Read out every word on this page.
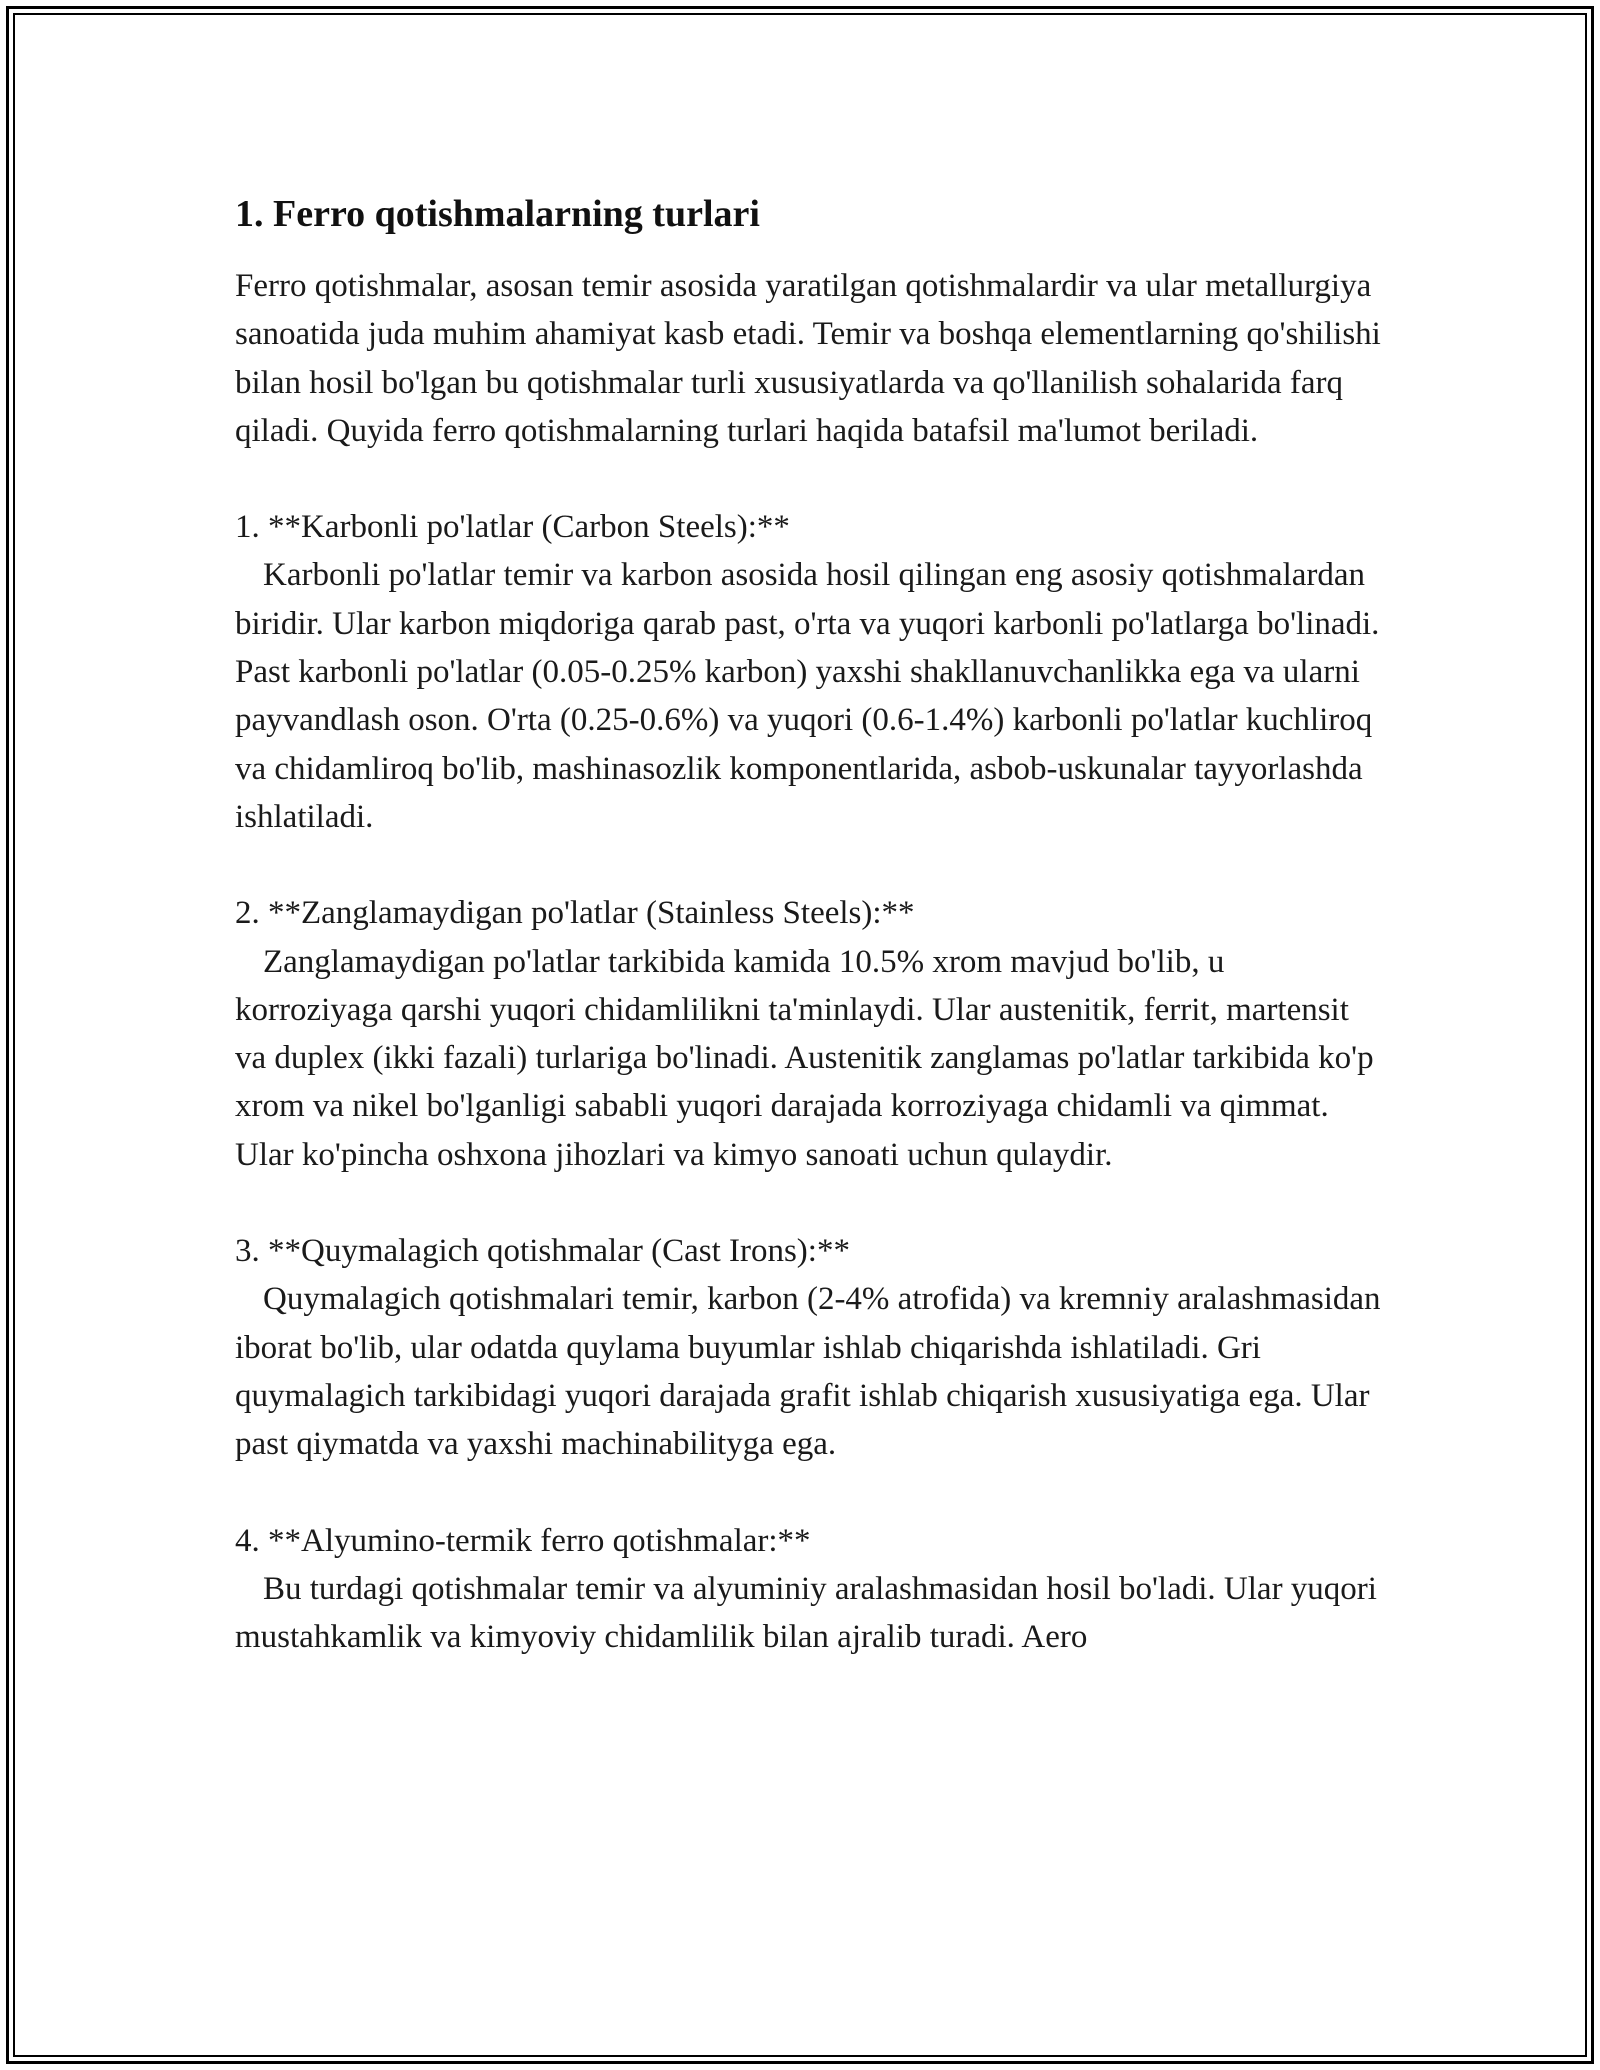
1. Ferro qotishmalarning turlari

Ferro qotishmalar, asosan temir asosida yaratilgan qotishmalardir va ular metallurgiya sanoatida juda muhim ahamiyat kasb etadi. Temir va boshqa elementlarning qo'shilishi bilan hosil bo'lgan bu qotishmalar turli xususiyatlarda va qo'llanilish sohalarida farq qiladi. Quyida ferro qotishmalarning turlari haqida batafsil ma'lumot beriladi.

1. **Karbonli po'latlar (Carbon Steels):**

Karbonli po'latlar temir va karbon asosida hosil qilingan eng asosiy qotishmalardan biridir. Ular karbon miqdoriga qarab past, o'rta va yuqori karbonli po'latlarga bo'linadi. Past karbonli po'latlar (0.05-0.25% karbon) yaxshi shakllanuvchanlikka ega va ularni payvandlash oson. O'rta (0.25-0.6%) va yuqori (0.6-1.4%) karbonli po'latlar kuchliroq va chidamliroq bo'lib, mashinasozlik komponentlarida, asbob-uskunalar tayyorlashda ishlatiladi.

2. **Zanglamaydigan po'latlar (Stainless Steels):**

Zanglamaydigan po'latlar tarkibida kamida 10.5% xrom mavjud bo'lib, u korroziyaga qarshi yuqori chidamlilikni ta'minlaydi. Ular austenitik, ferrit, martensit va duplex (ikki fazali) turlariga bo'linadi. Austenitik zanglamas po'latlar tarkibida ko'p xrom va nikel bo'lganligi sababli yuqori darajada korroziyaga chidamli va qimmat. Ular ko'pincha oshxona jihozlari va kimyo sanoati uchun qulaydir.

3. **Quymalagich qotishmalar (Cast Irons):**

Quymalagich qotishmalari temir, karbon (2-4% atrofida) va kremniy aralashmasidan iborat bo'lib, ular odatda quylama buyumlar ishlab chiqarishda ishlatiladi. Gri quymalagich tarkibidagi yuqori darajada grafit ishlab chiqarish xususiyatiga ega. Ular past qiymatda va yaxshi machinabilityga ega.

4. **Alyumino-termik ferro qotishmalar:**

Bu turdagi qotishmalar temir va alyuminiy aralashmasidan hosil bo'ladi. Ular yuqori mustahkamlik va kimyoviy chidamlilik bilan ajralib turadi. Aero
